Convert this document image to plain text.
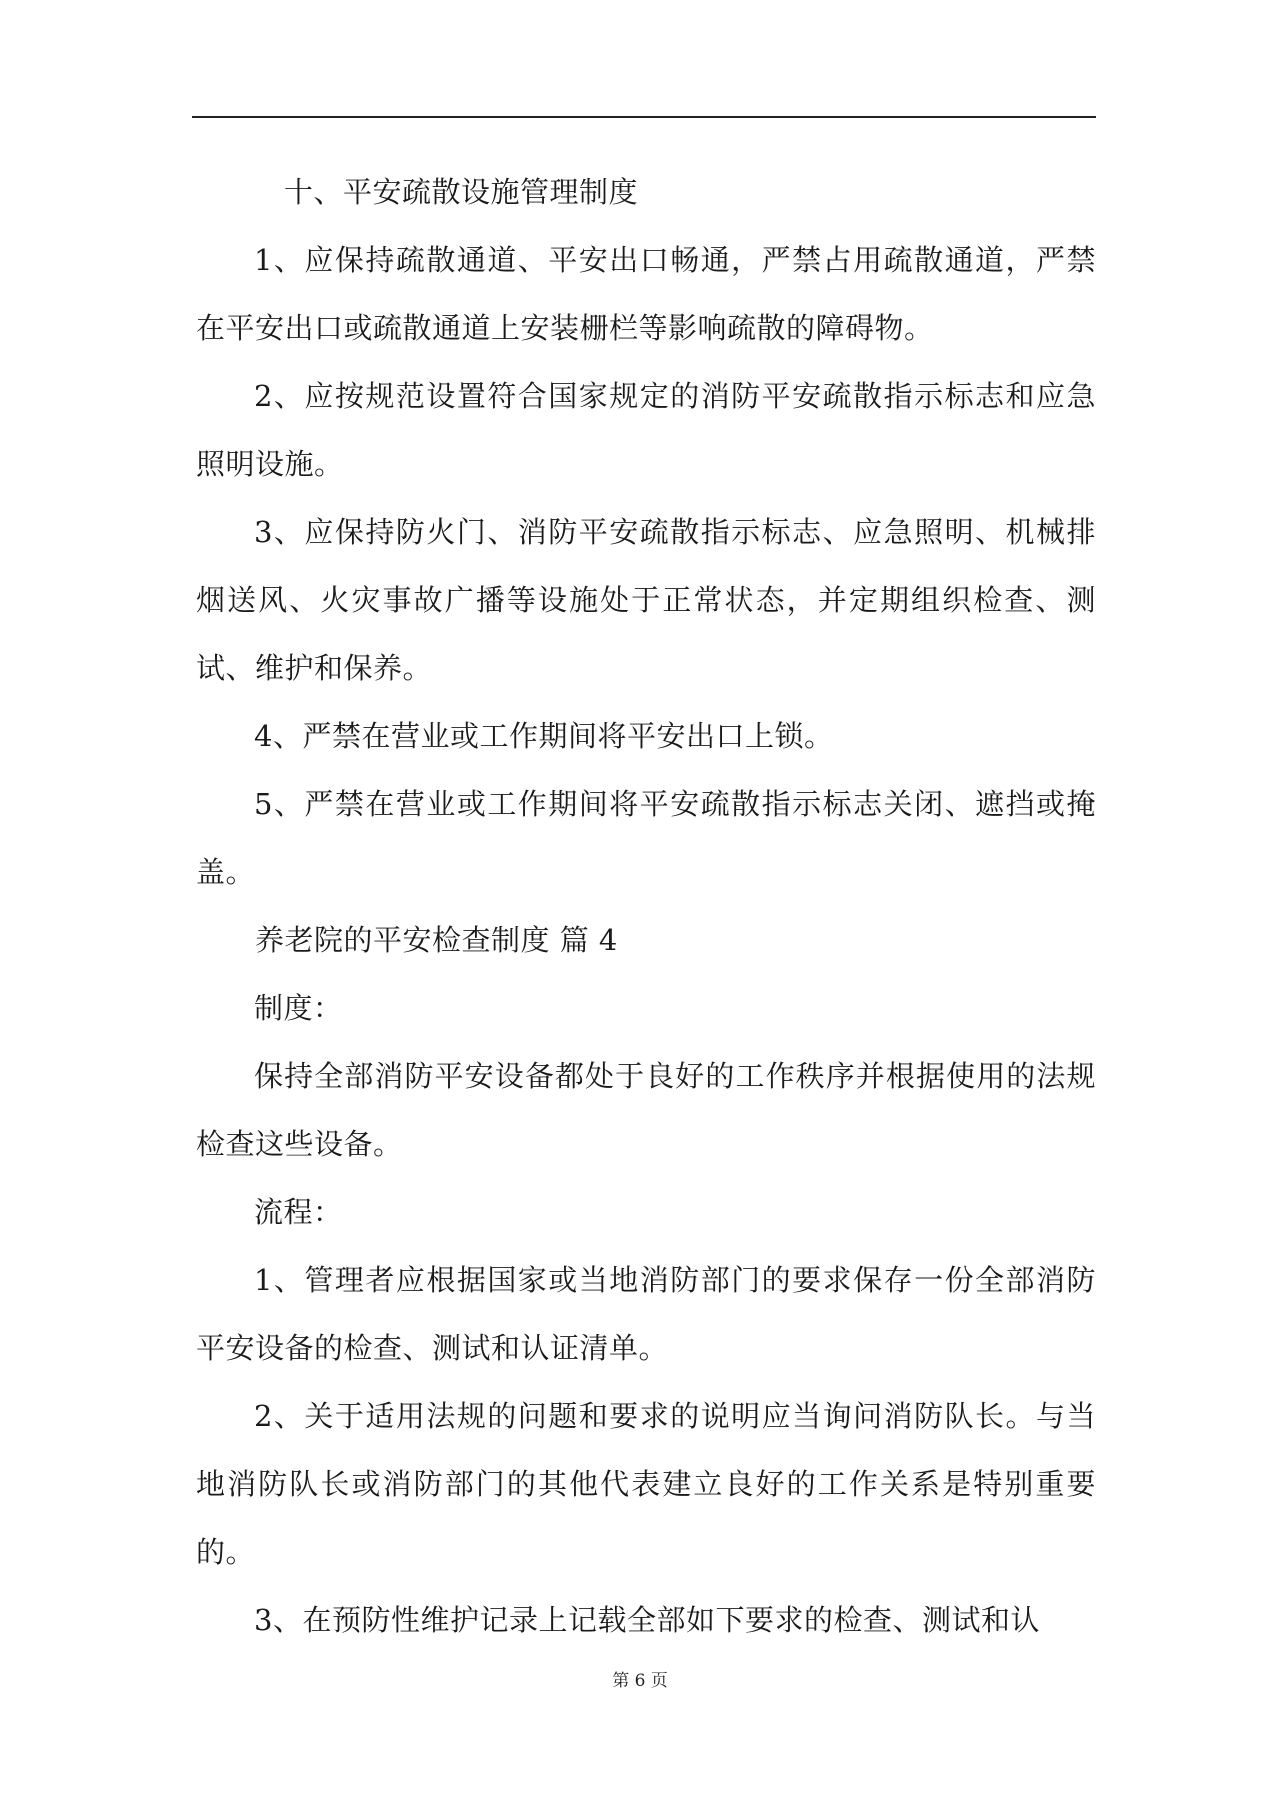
十、平安疏散设施管理制度

1、应保持疏散通道、平安出口畅通，严禁占用疏散通道，严禁在平安出口或疏散通道上安装栅栏等影响疏散的障碍物。

2、应按规范设置符合国家规定的消防平安疏散指示标志和应急照明设施。

3、应保持防火门、消防平安疏散指示标志、应急照明、机械排烟送风、火灾事故广播等设施处于正常状态，并定期组织检查、测试、维护和保养。

4、严禁在营业或工作期间将平安出口上锁。

5、严禁在营业或工作期间将平安疏散指示标志关闭、遮挡或掩盖。

养老院的平安检查制度 篇 4

制度：

保持全部消防平安设备都处于良好的工作秩序并根据使用的法规检查这些设备。

流程：

1、管理者应根据国家或当地消防部门的要求保存一份全部消防平安设备的检查、测试和认证清单。

2、关于适用法规的问题和要求的说明应当询问消防队长。与当地消防队长或消防部门的其他代表建立良好的工作关系是特别重要的。

3、在预防性维护记录上记载全部如下要求的检查、测试和认

第 6 页
